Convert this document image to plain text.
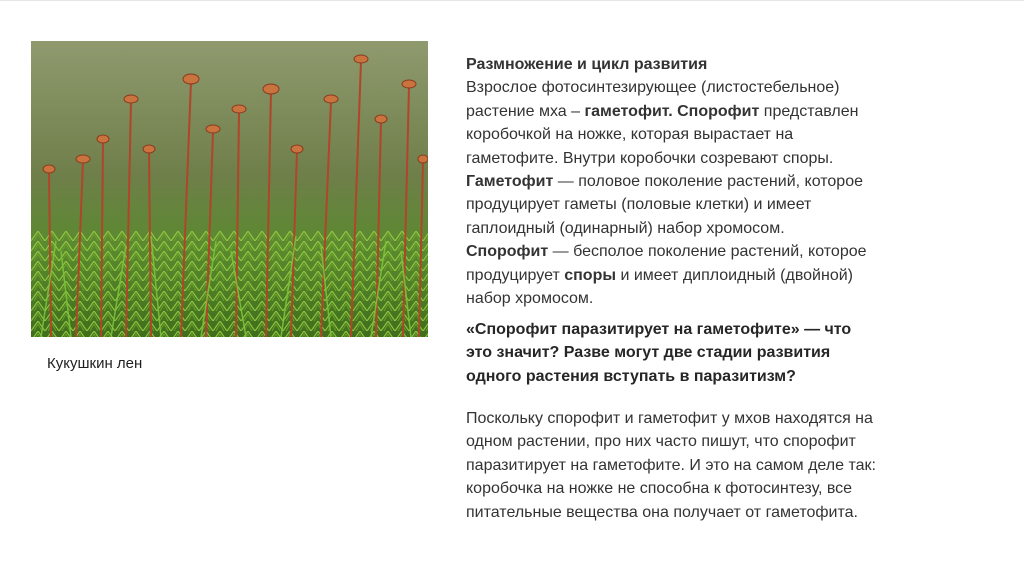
Кукушкин лен

Размножение и цикл развития

Взрослое фотосинтезирующее (листостебельное)

растение мха – гаметофит. Спорофит представлен

коробочкой на ножке, которая вырастает на

гаметофите. Внутри коробочки созревают споры.

Гаметофит — половое поколение растений, которое

продуцирует гаметы (половые клетки) и имеет

гаплоидный (одинарный) набор хромосом.

Спорофит — бесполое поколение растений, которое

продуцирует споры и имеет диплоидный (двойной)

набор хромосом.

«Спорофит паразитирует на гаметофите» — что

это значит? Разве могут две стадии развития

одного растения вступать в паразитизм?

Поскольку спорофит и гаметофит у мхов находятся на

одном растении, про них часто пишут, что спорофит

паразитирует на гаметофите. И это на самом деле так:

коробочка на ножке не способна к фотосинтезу, все

питательные вещества она получает от гаметофита.
